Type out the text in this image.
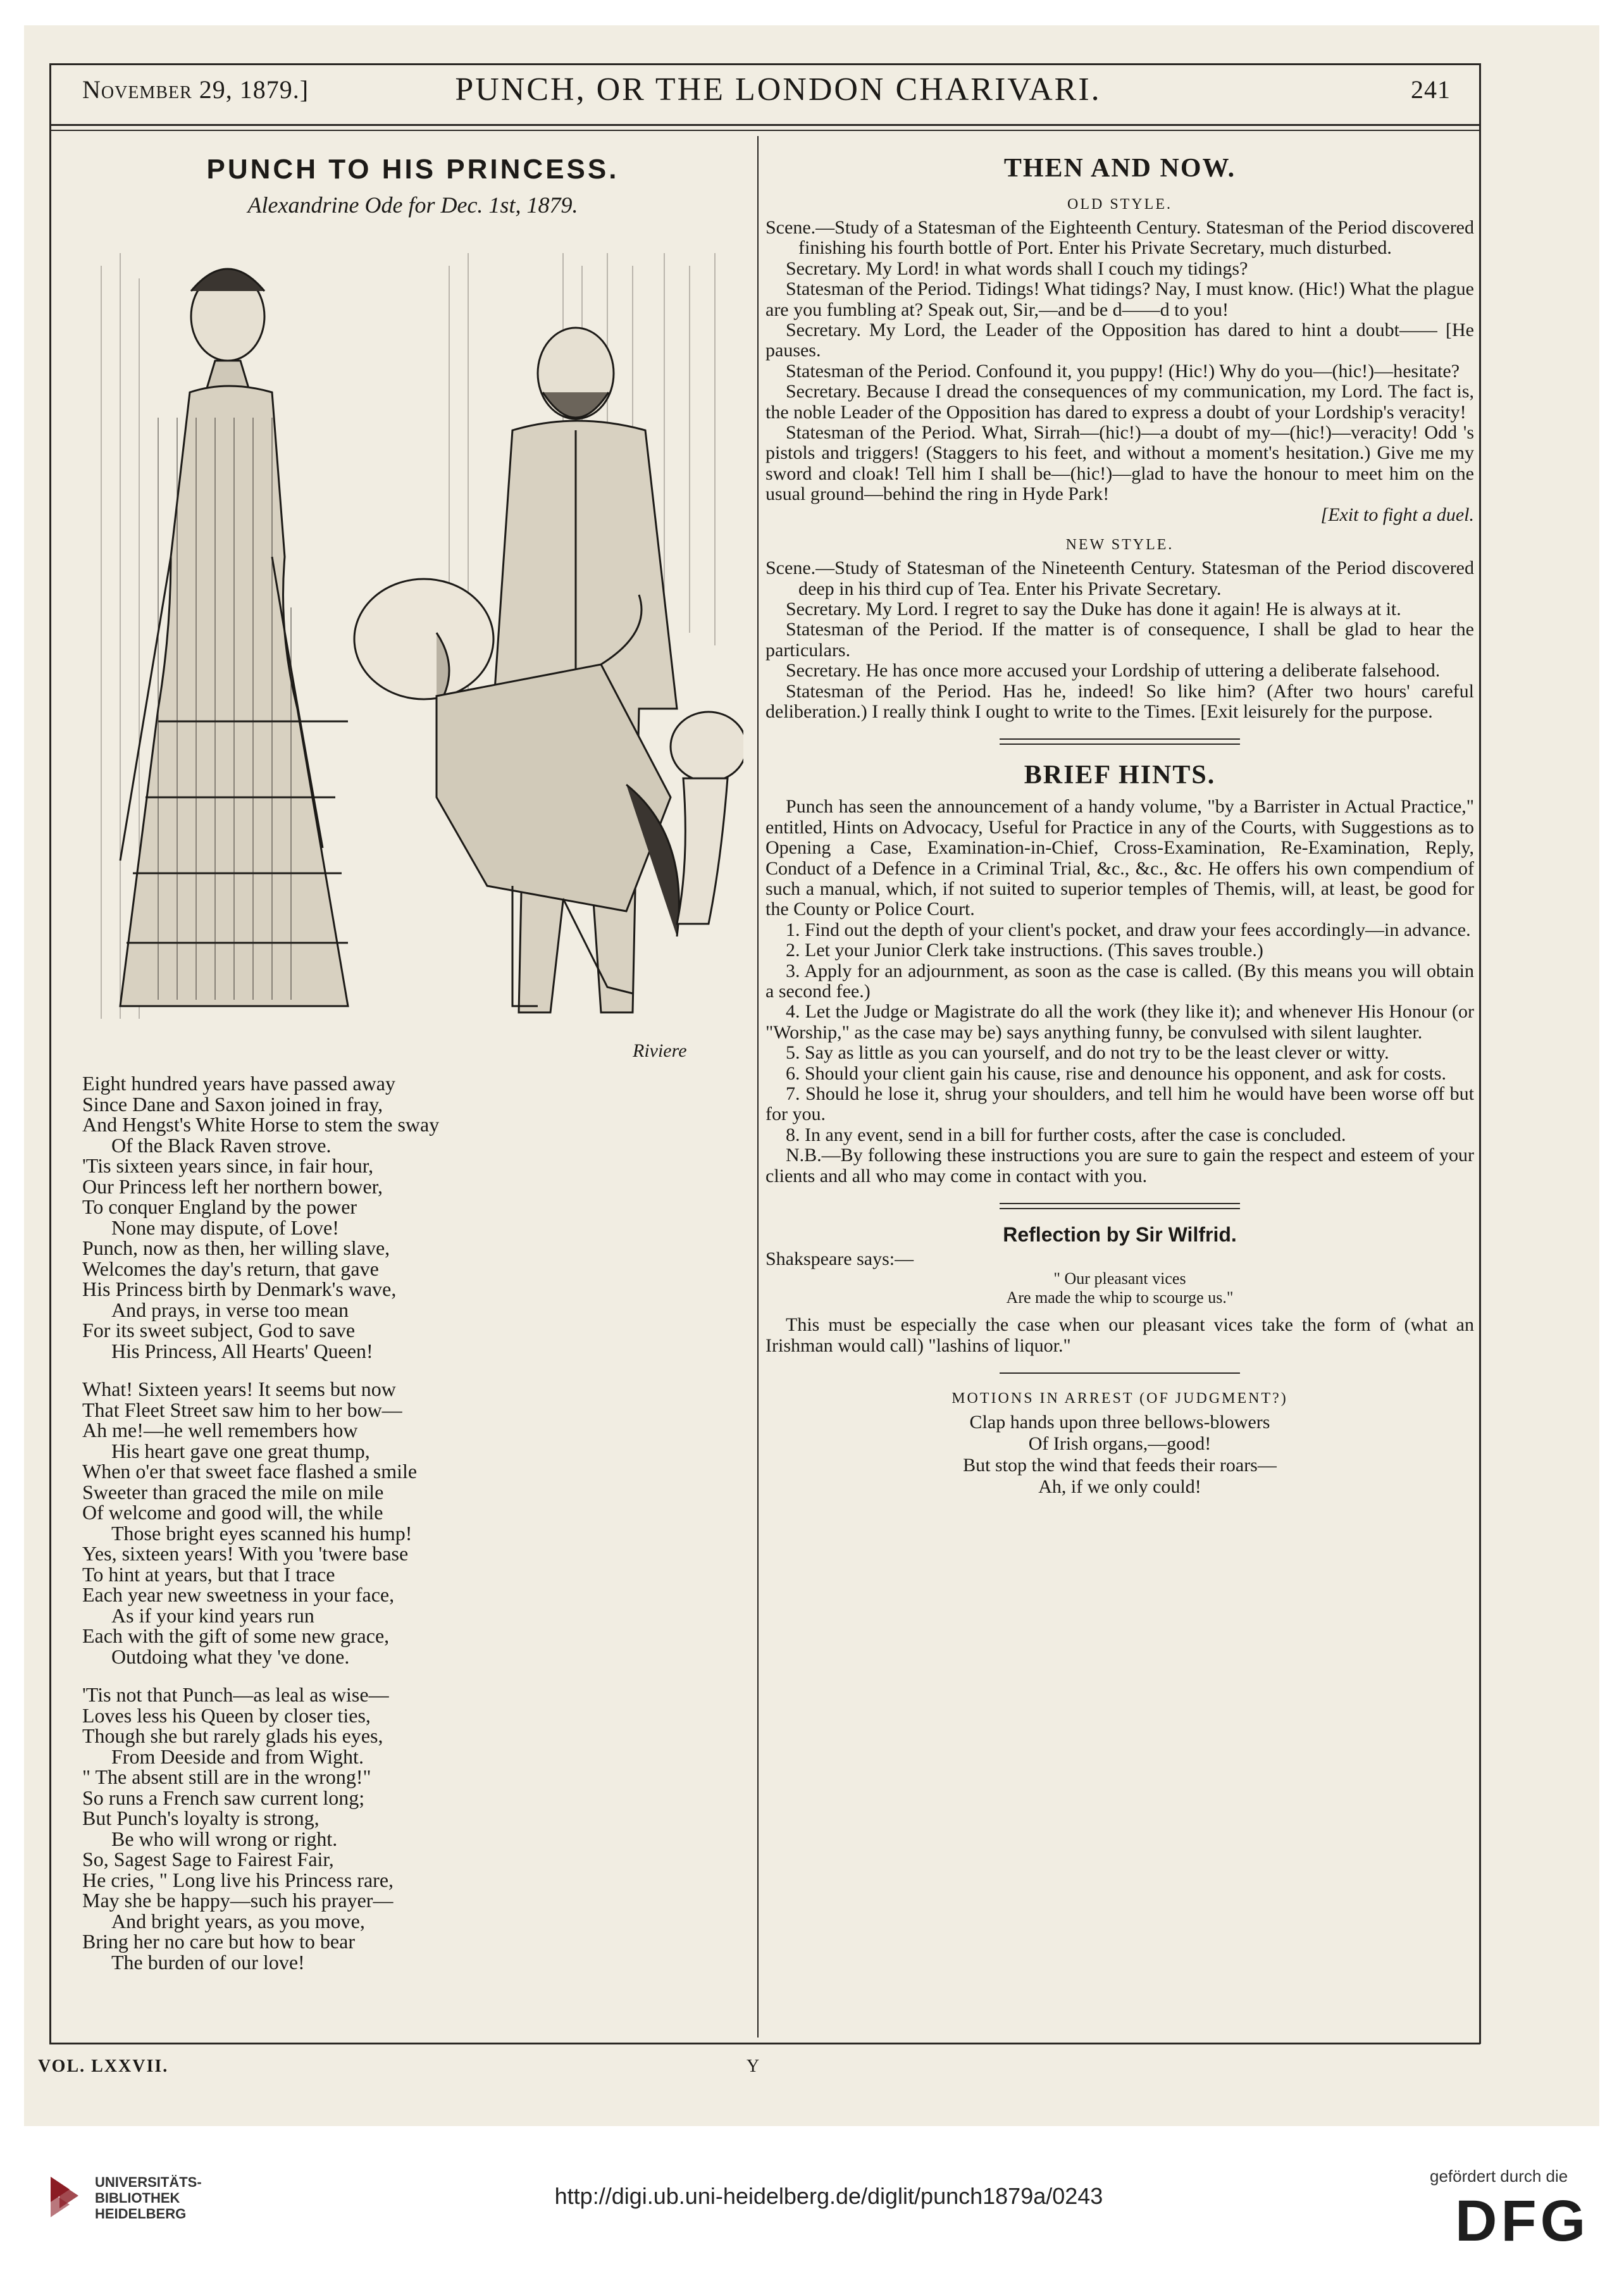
November 29, 1879.]	PUNCH, OR THE LONDON CHARIVARI.	241
PUNCH TO HIS PRINCESS.
Alexandrine Ode for Dec. 1st, 1879.
Riviere
Eight hundred years have passed away
Since Dane and Saxon joined in fray,
And Hengst's White Horse to stem the sway
Of the Black Raven strove.
'Tis sixteen years since, in fair hour,
Our Princess left her northern bower,
To conquer England by the power
None may dispute, of Love!
Punch, now as then, her willing slave,
Welcomes the day's return, that gave
His Princess birth by Denmark's wave,
And prays, in verse too mean
For its sweet subject, God to save
His Princess, All Hearts' Queen!
What! Sixteen years! It seems but now
That Fleet Street saw him to her bow—
Ah me!—he well remembers how
His heart gave one great thump,
When o'er that sweet face flashed a smile
Sweeter than graced the mile on mile
Of welcome and good will, the while
Those bright eyes scanned his hump!
Yes, sixteen years! With you 'twere base
To hint at years, but that I trace
Each year new sweetness in your face,
As if your kind years run
Each with the gift of some new grace,
Outdoing what they 've done.
'Tis not that Punch—as leal as wise—
Loves less his Queen by closer ties,
Though she but rarely glads his eyes,
From Deeside and from Wight.
" The absent still are in the wrong!"
So runs a French saw current long;
But Punch's loyalty is strong,
Be who will wrong or right.
So, Sagest Sage to Fairest Fair,
He cries, " Long live his Princess rare,
May she be happy—such his prayer—
And bright years, as you move,
Bring her no care but how to bear
The burden of our love!
THEN AND NOW.
OLD STYLE.

Scene.—Study of a Statesman of the Eighteenth Century. Statesman of the Period discovered finishing his fourth bottle of Port. Enter his Private Secretary, much disturbed.

Secretary. My Lord! in what words shall I couch my tidings?

Statesman of the Period. Tidings! What tidings? Nay, I must know. (Hic!) What the plague are you fumbling at? Speak out, Sir,—and be d——d to you!

Secretary. My Lord, the Leader of the Opposition has dared to hint a doubt—— [He pauses.

Statesman of the Period. Confound it, you puppy! (Hic!) Why do you—(hic!)—hesitate?

Secretary. Because I dread the consequences of my communication, my Lord. The fact is, the noble Leader of the Opposition has dared to express a doubt of your Lordship's veracity!

Statesman of the Period. What, Sirrah—(hic!)—a doubt of my—(hic!)—veracity! Odd 's pistols and triggers! (Staggers to his feet, and without a moment's hesitation.) Give me my sword and cloak! Tell him I shall be—(hic!)—glad to have the honour to meet him on the usual ground—behind the ring in Hyde Park!

[Exit to fight a duel.

NEW STYLE.

Scene.—Study of Statesman of the Nineteenth Century. Statesman of the Period discovered deep in his third cup of Tea. Enter his Private Secretary.

Secretary. My Lord. I regret to say the Duke has done it again! He is always at it.

Statesman of the Period. If the matter is of consequence, I shall be glad to hear the particulars.

Secretary. He has once more accused your Lordship of uttering a deliberate falsehood.

Statesman of the Period. Has he, indeed! So like him? (After two hours' careful deliberation.) I really think I ought to write to the Times. [Exit leisurely for the purpose.

BRIEF HINTS.

Punch has seen the announcement of a handy volume, "by a Barrister in Actual Practice," entitled, Hints on Advocacy, Useful for Practice in any of the Courts, with Suggestions as to Opening a Case, Examination-in-Chief, Cross-Examination, Re-Examination, Reply, Conduct of a Defence in a Criminal Trial, &c., &c., &c. He offers his own compendium of such a manual, which, if not suited to superior temples of Themis, will, at least, be good for the County or Police Court.

1. Find out the depth of your client's pocket, and draw your fees accordingly—in advance.

2. Let your Junior Clerk take instructions. (This saves trouble.)

3. Apply for an adjournment, as soon as the case is called. (By this means you will obtain a second fee.)

4. Let the Judge or Magistrate do all the work (they like it); and whenever His Honour (or "Worship," as the case may be) says anything funny, be convulsed with silent laughter.

5. Say as little as you can yourself, and do not try to be the least clever or witty.

6. Should your client gain his cause, rise and denounce his opponent, and ask for costs.

7. Should he lose it, shrug your shoulders, and tell him he would have been worse off but for you.

8. In any event, send in a bill for further costs, after the case is concluded.

N.B.—By following these instructions you are sure to gain the respect and esteem of your clients and all who may come in contact with you.

Reflection by Sir Wilfrid.

Shakspeare says:—

" Our pleasant vices
Are made the whip to scourge us."

This must be especially the case when our pleasant vices take the form of (what an Irishman would call) "lashins of liquor."

MOTIONS IN ARREST (OF JUDGMENT?)
Clap hands upon three bellows-blowers
Of Irish organs,—good!
But stop the wind that feeds their roars—
Ah, if we only could!
VOL. LXXVII.	Y
UNIVERSITÄTS-
BIBLIOTHEK
HEIDELBERG
http://digi.ub.uni-heidelberg.de/diglit/punch1879a/0243
gefördert durch die
DFG
